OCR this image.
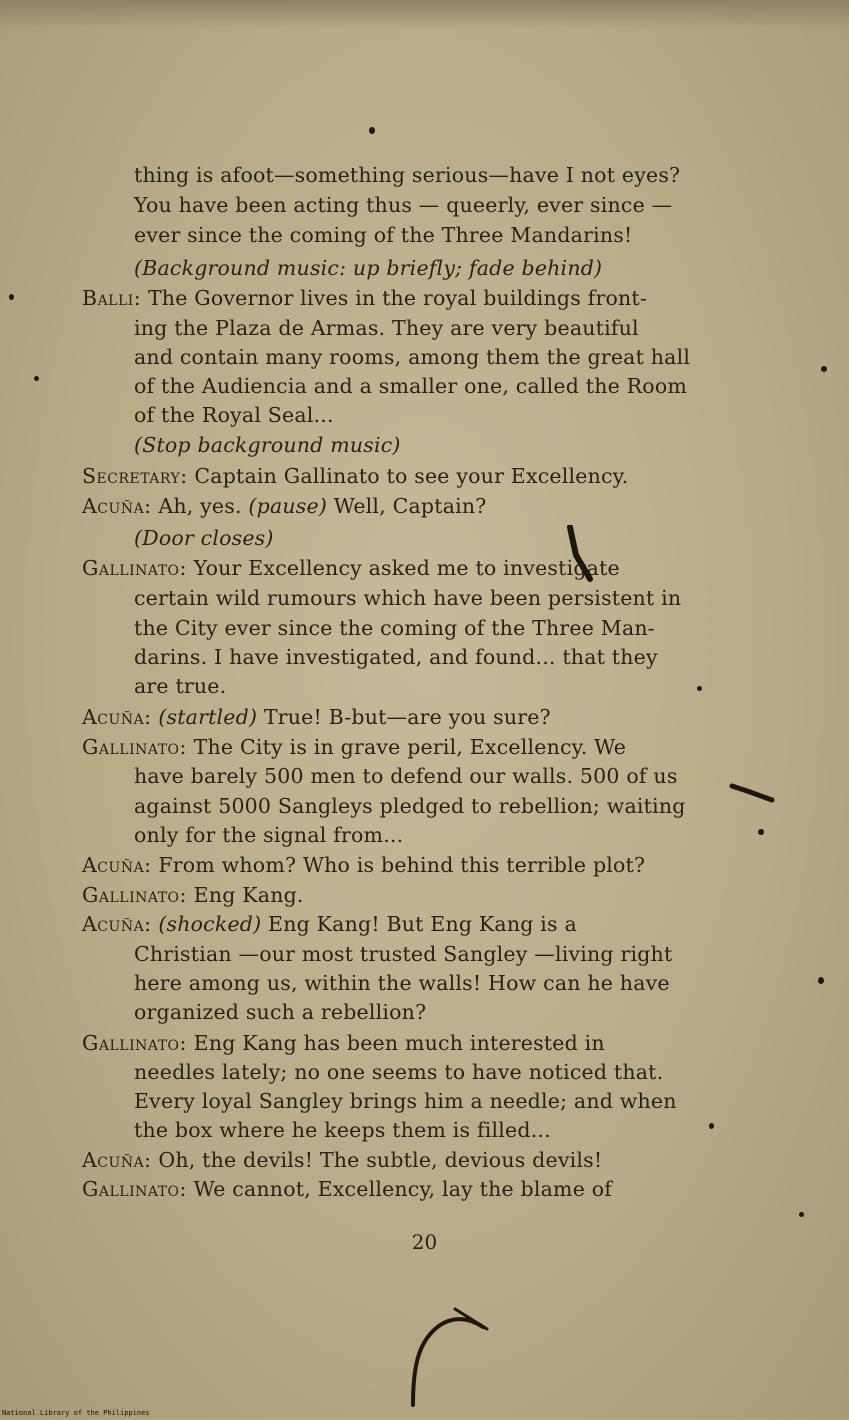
thing is afoot—something serious—have I not eyes?
You have been acting thus — queerly, ever since —
ever since the coming of the Three Mandarins!
(Background music: up briefly; fade behind)
Balli: The Governor lives in the royal buildings front-
ing the Plaza de Armas. They are very beautiful
and contain many rooms, among them the great hall
of the Audiencia and a smaller one, called the Room
of the Royal Seal...
(Stop background music)
Secretary: Captain Gallinato to see your Excellency.
Acuña: Ah, yes. (pause) Well, Captain?
(Door closes)
Gallinato: Your Excellency asked me to investigate
certain wild rumours which have been persistent in
the City ever since the coming of the Three Man-
darins. I have investigated, and found... that they
are true.
Acuña: (startled) True! B-but—are you sure?
Gallinato: The City is in grave peril, Excellency. We
have barely 500 men to defend our walls. 500 of us
against 5000 Sangleys pledged to rebellion; waiting
only for the signal from...
Acuña: From whom? Who is behind this terrible plot?
Gallinato: Eng Kang.
Acuña: (shocked) Eng Kang! But Eng Kang is a
Christian —our most trusted Sangley —living right
here among us, within the walls! How can he have
organized such a rebellion?
Gallinato: Eng Kang has been much interested in
needles lately; no one seems to have noticed that.
Every loyal Sangley brings him a needle; and when
the box where he keeps them is filled...
Acuña: Oh, the devils! The subtle, devious devils!
Gallinato: We cannot, Excellency, lay the blame of
20
National Library of the Philippines
